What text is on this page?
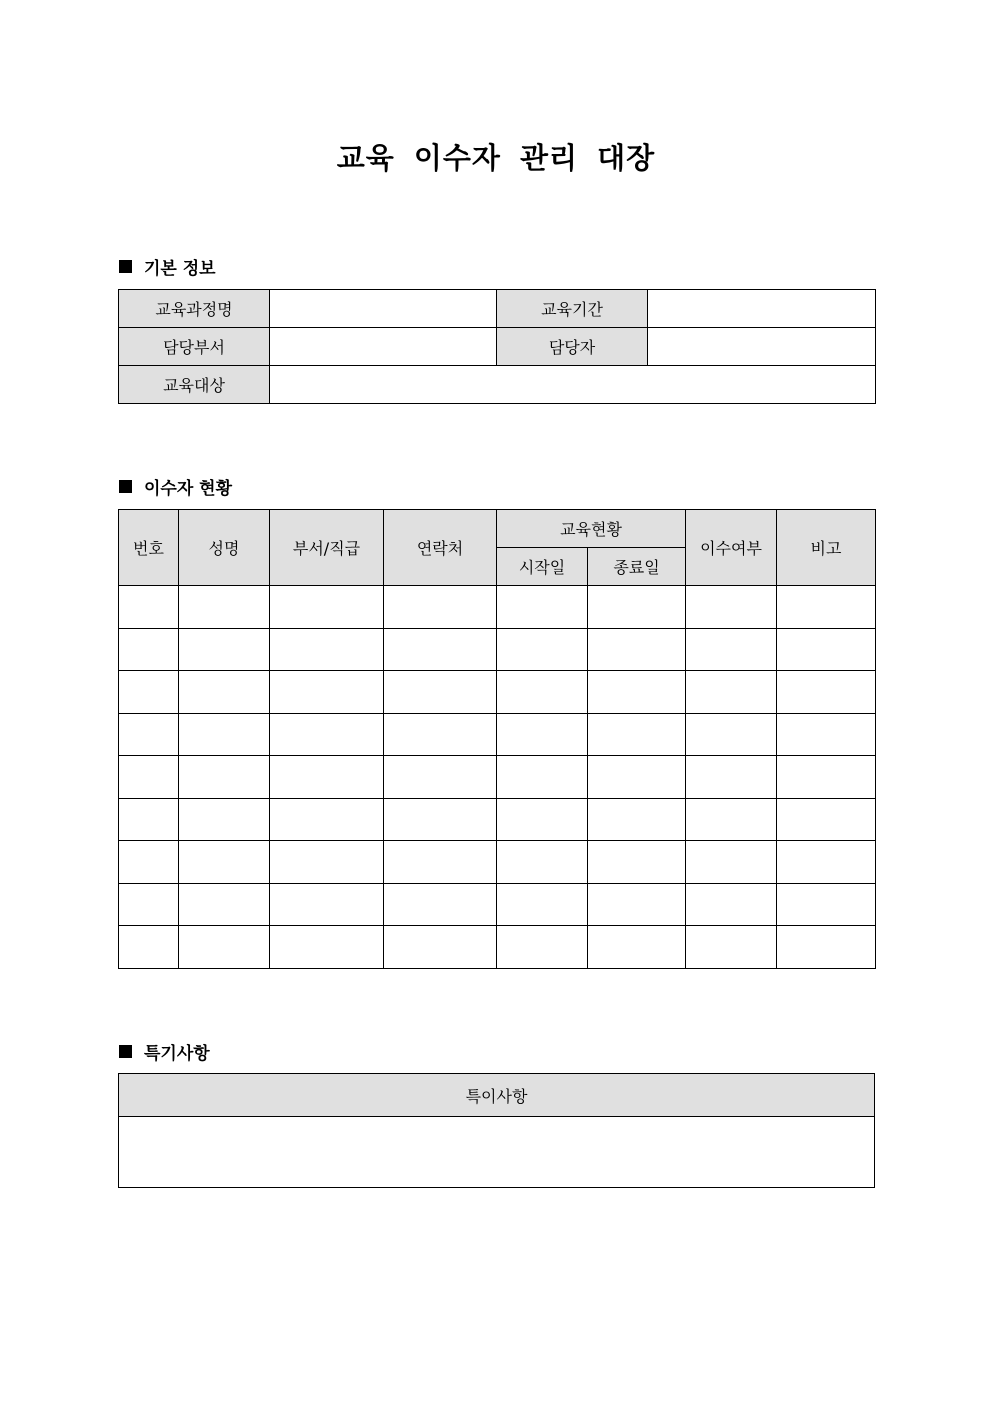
교육 이수자 관리 대장
기본 정보
교육과정명		교육기간	
담당부서		담당자	
교육대상			
이수자 현황
번호	성명	부서/직급	연락처	교육현황		이수여부	비고
				시작일	종료일		

특기사항
특이사항
